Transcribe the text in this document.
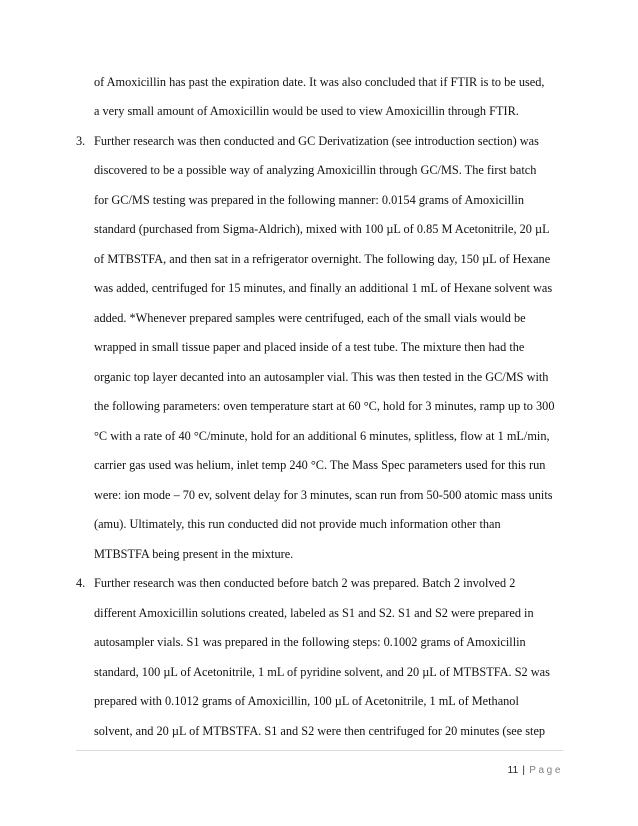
of Amoxicillin has past the expiration date. It was also concluded that if FTIR is to be used,
a very small amount of Amoxicillin would be used to view Amoxicillin through FTIR.
3. Further research was then conducted and GC Derivatization (see introduction section) was
discovered to be a possible way of analyzing Amoxicillin through GC/MS. The first batch
for GC/MS testing was prepared in the following manner: 0.0154 grams of Amoxicillin
standard (purchased from Sigma-Aldrich), mixed with 100 µL of 0.85 M Acetonitrile, 20 µL
of MTBSTFA, and then sat in a refrigerator overnight. The following day, 150 µL of Hexane
was added, centrifuged for 15 minutes, and finally an additional 1 mL of Hexane solvent was
added. *Whenever prepared samples were centrifuged, each of the small vials would be
wrapped in small tissue paper and placed inside of a test tube. The mixture then had the
organic top layer decanted into an autosampler vial. This was then tested in the GC/MS with
the following parameters: oven temperature start at 60 °C, hold for 3 minutes, ramp up to 300
°C with a rate of 40 °C/minute, hold for an additional 6 minutes, splitless, flow at 1 mL/min,
carrier gas used was helium, inlet temp 240 °C. The Mass Spec parameters used for this run
were: ion mode – 70 ev, solvent delay for 3 minutes, scan run from 50-500 atomic mass units
(amu). Ultimately, this run conducted did not provide much information other than
MTBSTFA being present in the mixture.
4. Further research was then conducted before batch 2 was prepared. Batch 2 involved 2
different Amoxicillin solutions created, labeled as S1 and S2. S1 and S2 were prepared in
autosampler vials. S1 was prepared in the following steps: 0.1002 grams of Amoxicillin
standard, 100 µL of Acetonitrile, 1 mL of pyridine solvent, and 20 µL of MTBSTFA. S2 was
prepared with 0.1012 grams of Amoxicillin, 100 µL of Acetonitrile, 1 mL of Methanol
solvent, and 20 µL of MTBSTFA. S1 and S2 were then centrifuged for 20 minutes (see step
11 | Page
